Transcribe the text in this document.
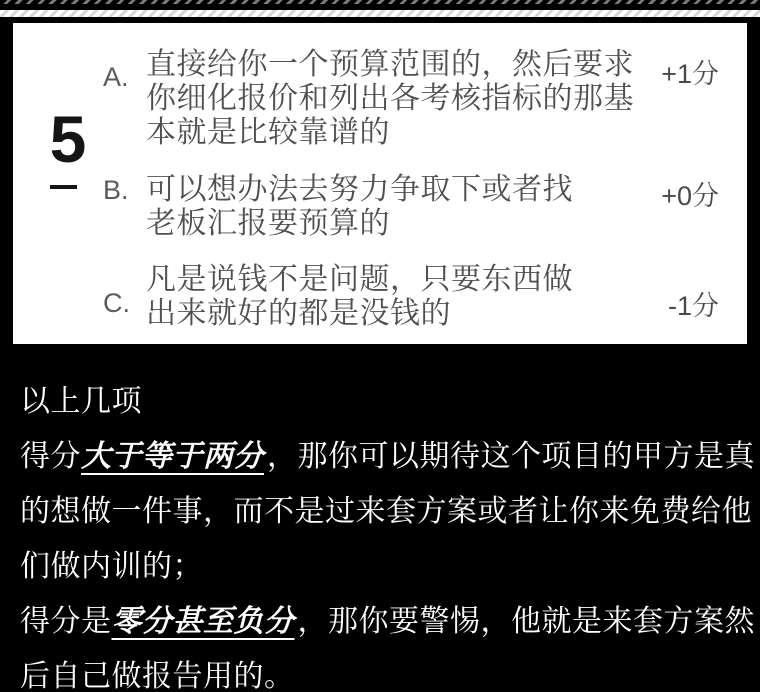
5
A. 直接给你一个预算范围的，然后要求
你细化报价和列出各考核指标的那基
本就是比较靠谱的
+1分
B. 可以想办法去努力争取下或者找
老板汇报要预算的
+0分
C.
凡是说钱不是问题，只要东西做
出来就好的都是没钱的	-1分
以上几项
得分大于等于两分 ，那你可以期待这个项目的甲方是真
的想做一件事，而不是过来套方案或者让你来免费给他
们做内训的；
得分是零分甚至负分 ，那你要警惕，他就是来套方案然
后自己做报告用的。
